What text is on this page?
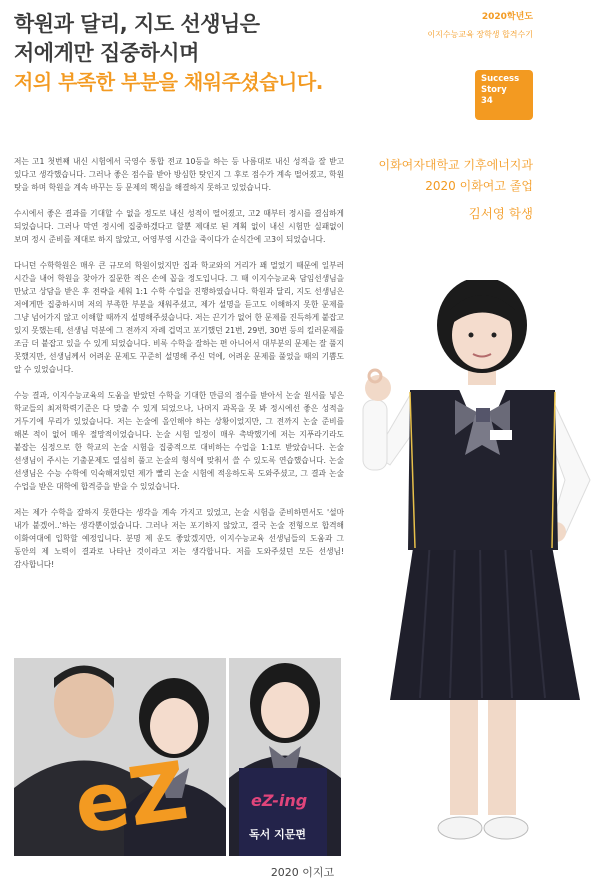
학원과 달리, 지도 선생님은
저에게만 집중하시며
저의 부족한 부분을 채워주셨습니다.
2020학년도
이지수능교육 장학생 합격수기
Success
Story
34
이화여자대학교 기후에너지과
2020 이화여고 졸업
김서영 학생

저는 고1 첫번째 내신 시험에서 국영수 통합 전교 10등을 하는 등 나름대로 내신 성적을 잘 받고 있다고 생각했습니다. 그러나 좋은 점수를 받아 방심한 탓인지 그 후로 점수가 계속 떨어졌고, 학원 탓을 하며 학원을 계속 바꾸는 등 문제의 핵심을 해결하지 못하고 있었습니다.

수시에서 좋은 결과를 기대할 수 없을 정도로 내신 성적이 떨어졌고, 고2 때부터 정시를 결심하게 되었습니다. 그러나 막연 정시에 집중하겠다고 할뿐 제대로 된 계획 없이 내신 시험만 실패없이 보며 정시 준비를 제대로 하지 않았고, 어영부영 시간을 죽이다가 순식간에 고3이 되었습니다.

다니던 수학학원은 매우 큰 규모의 학원이었지만 집과 학교와의 거리가 꽤 멀었기 때문에 일부러 시간을 내어 학원을 찾아가 질문한 적은 손에 꼽을 정도입니다. 그 때 이지수능교육 담임선생님을 만났고 상담을 받은 후 전략을 세워 1:1 수학 수업을 진행하였습니다. 학원과 달리, 지도 선생님은 저에게만 집중하시며 저의 부족한 부분을 채워주셨고, 제가 설명을 듣고도 이해하지 못한 문제를 그냥 넘어가지 않고 이해할 때까지 설명해주셨습니다. 저는 끈기가 없어 한 문제를 진득하게 붙잡고 있지 못했는데, 선생님 덕분에 그 전까지 자례 겁먹고 포기했던 21번, 29번, 30번 등의 킬러문제를 조금 더 붙잡고 있을 수 있게 되었습니다. 비록 수학을 잘하는 편 아니어서 대부분의 문제는 잘 풀지 못했지만, 선생님께서 어려운 문제도 꾸준히 설명해 주신 덕에, 어려운 문제를 풀었을 때의 기쁨도 알 수 있었습니다.

수능 결과, 이지수능교육의 도움을 받았던 수학을 기대한 만큼의 점수를 받아서 논술 원서를 넣은 학교들의 최저학력기준은 다 맞출 수 있게 되었으나, 나머지 과목을 못 봐 정시에선 좋은 성적을 거두기에 무리가 있었습니다. 저는 논술에 올인해야 하는 상황이었지만, 그 전까지 논술 준비를 해본 적이 없어 매우 절망적이었습니다. 논술 시험 일정이 매우 촉박했기에 저는 지푸라기라도 붙잡는 심정으로 한 학교의 논술 시험을 집중적으로 대비하는 수업을 1:1로 받았습니다. 논술 선생님이 주시는 기출문제도 열심히 풀고 논술의 형식에 맞춰서 쓸 수 있도록 연습했습니다. 논술 선생님은 수능 수학에 익숙해져있던 제가 빨리 논술 시험에 적응하도록 도와주셨고, 그 결과 논술 수업을 받은 대학에 합격증을 받을 수 있었습니다.

저는 제가 수학을 잘하지 못한다는 생각을 계속 가지고 있었고, 논술 시험을 준비하면서도 '설마 내가 붙겠어..'하는 생각뿐이었습니다. 그러나 저는 포기하지 않았고, 결국 논술 전형으로 합격해 이화여대에 입학할 예정입니다. 분명 제 운도 좋았겠지만, 이지수능교육 선생님들의 도움과 그 동안의 제 노력이 결과로 나타난 것이라고 저는 생각합니다. 저를 도와주셨던 모든 선생님! 감사합니다!

eZ	eZ-ing
독서 지문편
2020 이지고
